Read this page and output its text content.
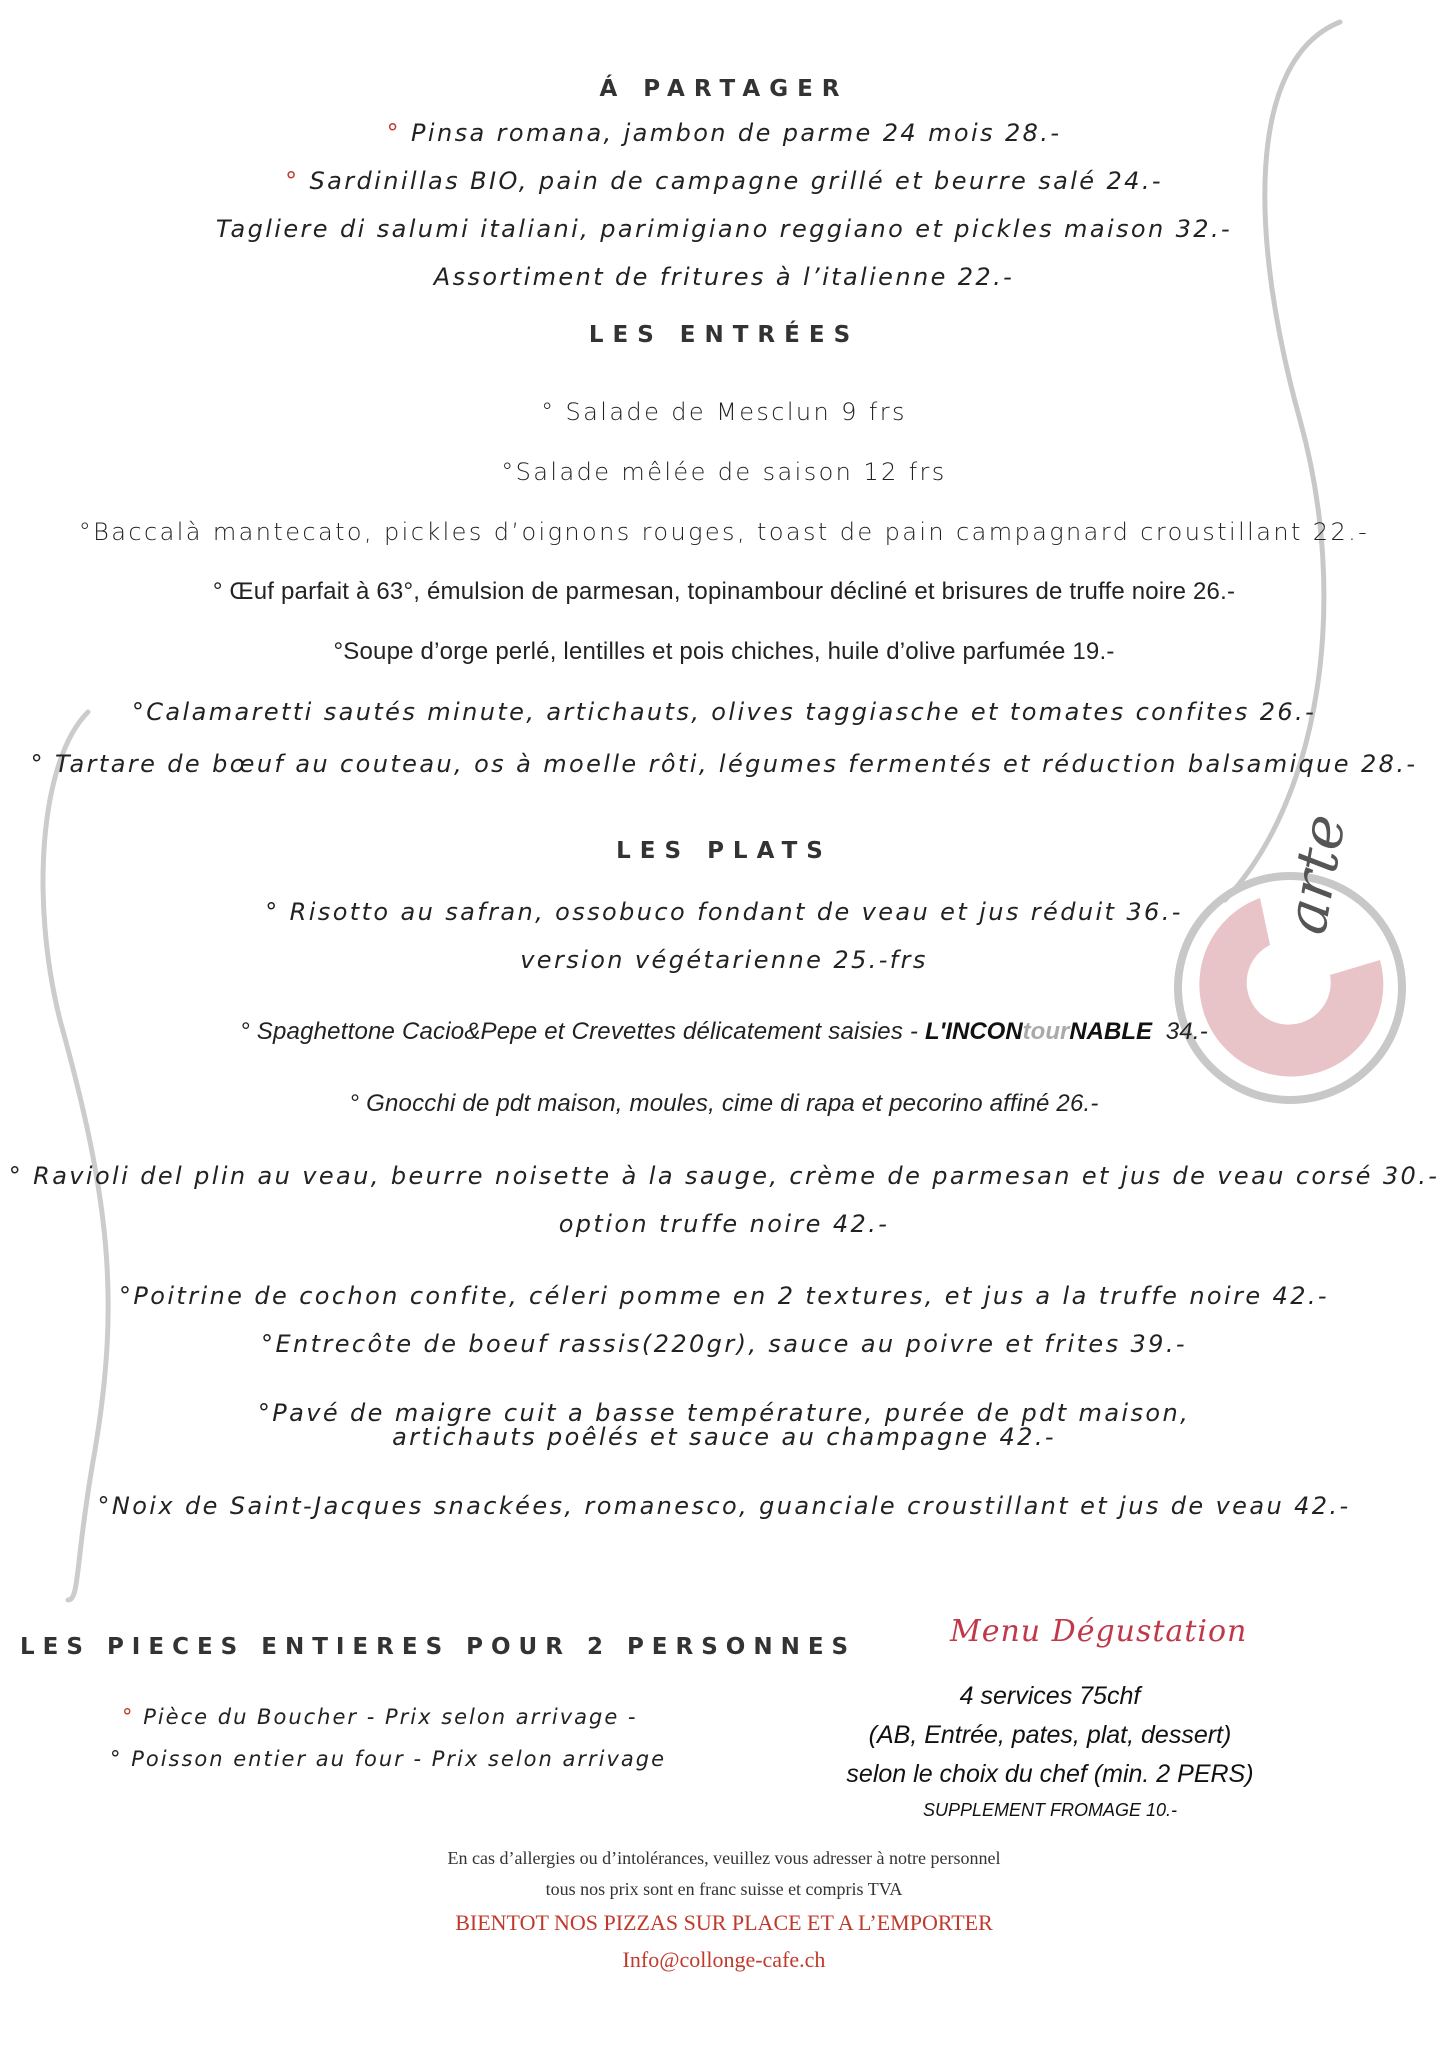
arte
Á PARTAGER
° Pinsa romana, jambon de parme 24 mois 28.-
° Sardinillas BIO, pain de campagne grillé et beurre salé 24.-
Tagliere di salumi italiani, parimigiano reggiano et pickles maison 32.-
Assortiment de fritures à l’italienne 22.-
LES ENTRÉES
° Salade de Mesclun 9 frs
°Salade mêlée de saison 12 frs
°Baccalà mantecato, pickles d’oignons rouges, toast de pain campagnard croustillant 22.-
° Œuf parfait à 63°, émulsion de parmesan, topinambour décliné et brisures de truffe noire 26.-
°Soupe d’orge perlé, lentilles et pois chiches, huile d’olive parfumée 19.-
°Calamaretti sautés minute, artichauts, olives taggiasche et tomates confites 26.-
° Tartare de bœuf au couteau, os à moelle rôti, légumes fermentés et réduction balsamique 28.-
LES PLATS
° Risotto au safran, ossobuco fondant de veau et jus réduit 36.-
version végétarienne 25.-frs
° Spaghettone Cacio&Pepe et Crevettes délicatement saisies - L'INCONtourNABLE 34.-
° Gnocchi de pdt maison, moules, cime di rapa et pecorino affiné 26.-
° Ravioli del plin au veau, beurre noisette à la sauge, crème de parmesan et jus de veau corsé 30.-
option truffe noire 42.-
°Poitrine de cochon confite, céleri pomme en 2 textures, et jus a la truffe noire 42.-
°Entrecôte de boeuf rassis(220gr), sauce au poivre et frites 39.-
°Pavé de maigre cuit a basse température, purée de pdt maison,
artichauts poêlés et sauce au champagne 42.-
°Noix de Saint-Jacques snackées, romanesco, guanciale croustillant et jus de veau 42.-
LES PIECES ENTIERES POUR 2 PERSONNES
° Pièce du Boucher - Prix selon arrivage -
° Poisson entier au four - Prix selon arrivage
Menu Dégustation
4 services 75chf
(AB, Entrée, pates, plat, dessert)
selon le choix du chef (min. 2 PERS)
SUPPLEMENT FROMAGE 10.-
En cas d’allergies ou d’intolérances, veuillez vous adresser à notre personnel
tous nos prix sont en franc suisse et compris TVA
BIENTOT NOS PIZZAS SUR PLACE ET A L’EMPORTER
Info@collonge-cafe.ch
